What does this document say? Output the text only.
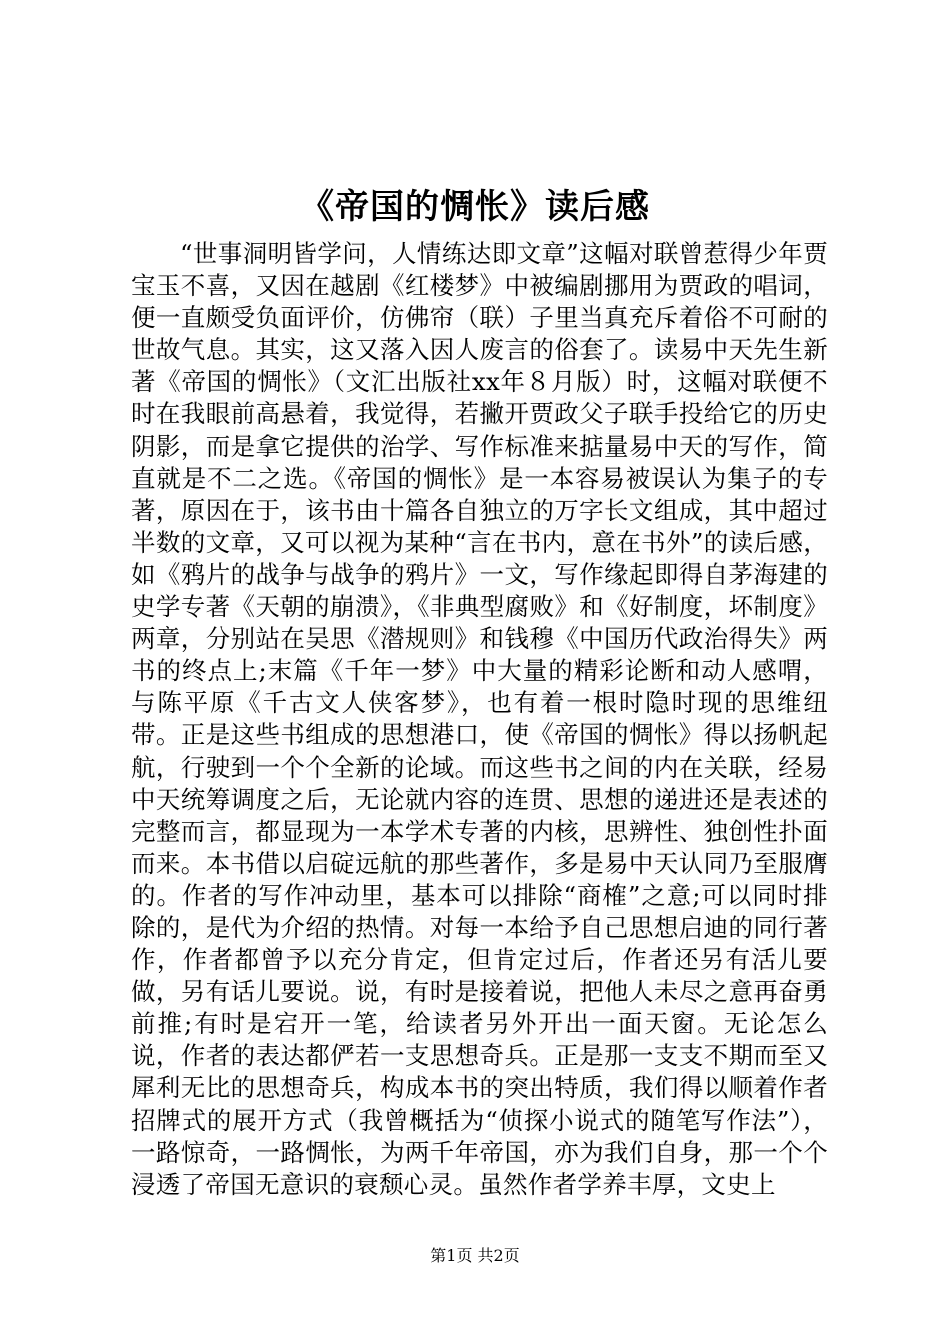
《帝国的惆怅》读后感

“世事洞明皆学问，人情练达即文章”这幅对联曾惹得少年贾宝玉不喜，又因在越剧《红楼梦》中被编剧挪用为贾政的唱词，便一直颇受负面评价，仿佛帘（联）子里当真充斥着俗不可耐的世故气息。其实，这又落入因人废言的俗套了。读易中天先生新著《帝国的惆怅》（文汇出版社xx年８月版）时，这幅对联便不时在我眼前高悬着，我觉得，若撇开贾政父子联手投给它的历史阴影，而是拿它提供的治学、写作标准来掂量易中天的写作，简直就是不二之选。《帝国的惆怅》是一本容易被误认为集子的专著，原因在于，该书由十篇各自独立的万字长文组成，其中超过半数的文章，又可以视为某种“言在书内，意在书外”的读后感，如《鸦片的战争与战争的鸦片》一文，写作缘起即得自茅海建的史学专著《天朝的崩溃》，《非典型腐败》和《好制度，坏制度》两章，分别站在吴思《潜规则》和钱穆《中国历代政治得失》两书的终点上;末篇《千年一梦》中大量的精彩论断和动人感喟，与陈平原《千古文人侠客梦》，也有着一根时隐时现的思维纽带。正是这些书组成的思想港口，使《帝国的惆怅》得以扬帆起航，行驶到一个个全新的论域。而这些书之间的内在关联，经易中天统筹调度之后，无论就内容的连贯、思想的递进还是表述的完整而言，都显现为一本学术专著的内核，思辨性、独创性扑面而来。本书借以启碇远航的那些著作，多是易中天认同乃至服膺的。作者的写作冲动里，基本可以排除“商榷”之意;可以同时排除的，是代为介绍的热情。对每一本给予自己思想启迪的同行著作，作者都曾予以充分肯定，但肯定过后，作者还另有活儿要做，另有话儿要说。说，有时是接着说，把他人未尽之意再奋勇前推;有时是宕开一笔，给读者另外开出一面天窗。无论怎么说，作者的表达都俨若一支思想奇兵。正是那一支支不期而至又犀利无比的思想奇兵，构成本书的突出特质，我们得以顺着作者招牌式的展开方式（我曾概括为“侦探小说式的随笔写作法”），一路惊奇，一路惆怅，为两千年帝国，亦为我们自身，那一个个浸透了帝国无意识的衰颓心灵。虽然作者学养丰厚，文史上

第1页 共2页
